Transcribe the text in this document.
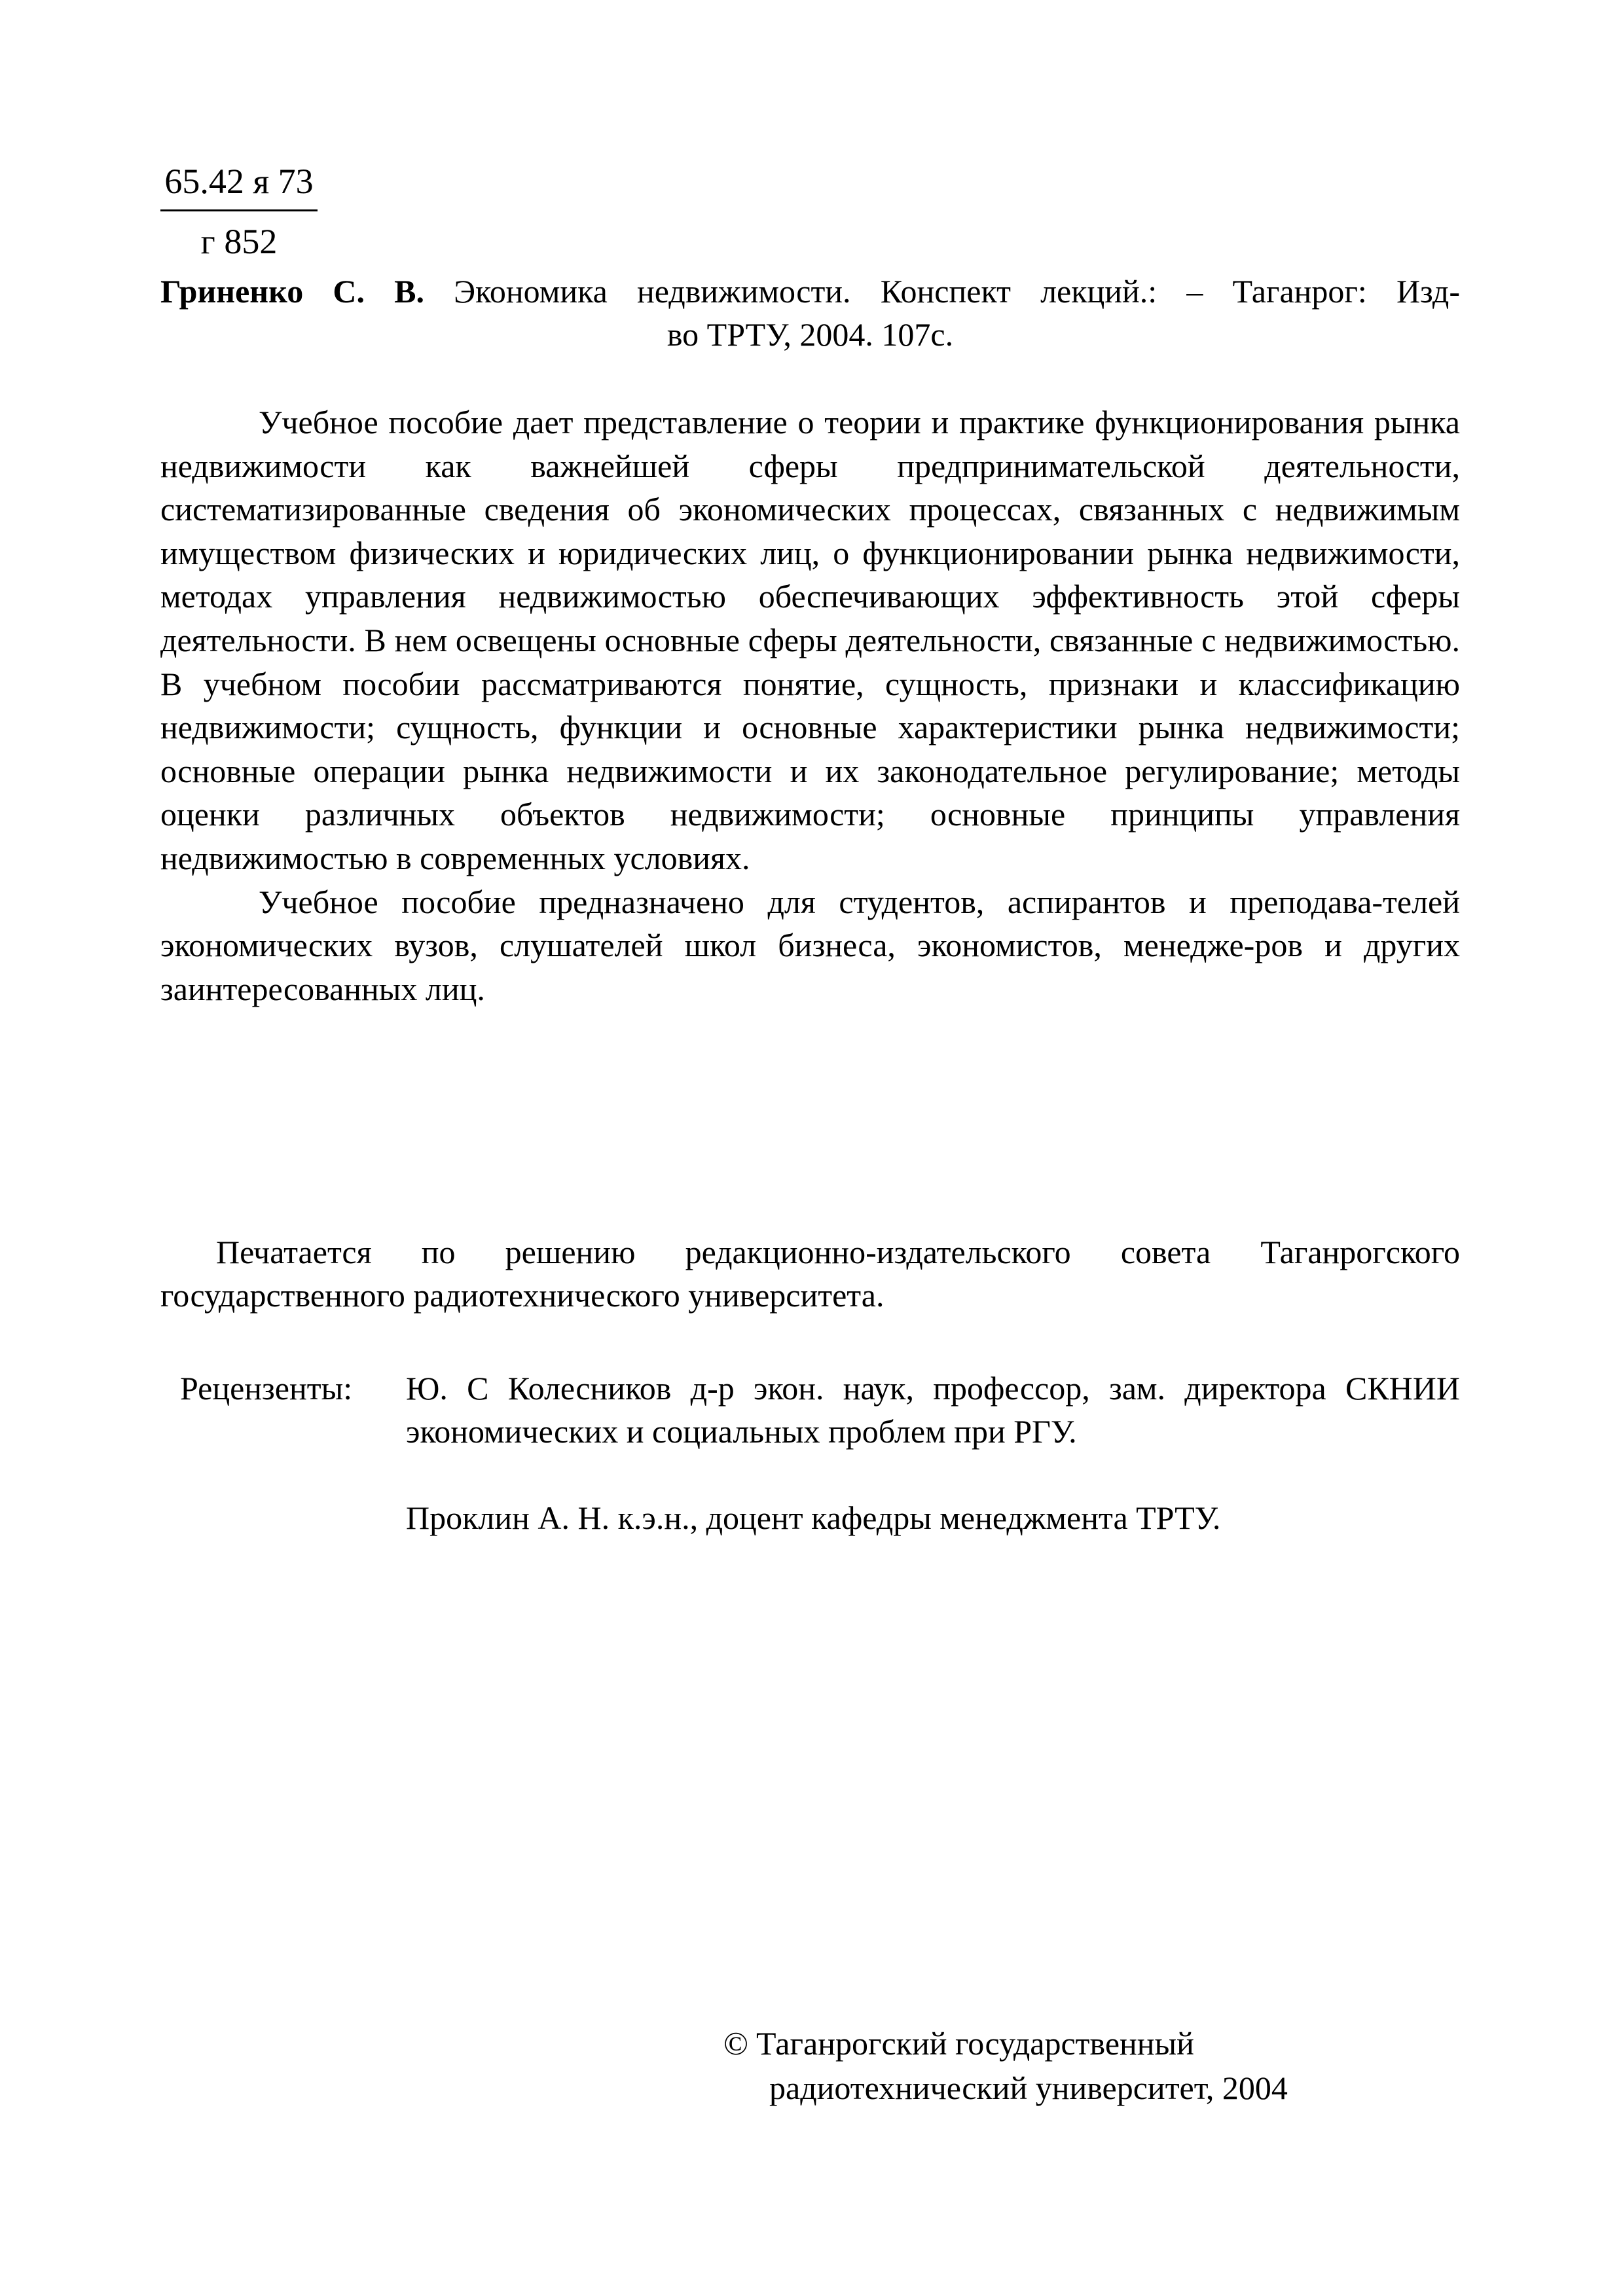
65.42 я 73
г 852
Гриненко С. В. Экономика недвижимости. Конспект лекций.: – Таганрог: Изд-
во ТРТУ, 2004. 107с.

Учебное пособие дает представление о теории и практике функционирования рынка недвижимости как важнейшей сферы предпринимательской деятельности, систематизированные сведения об экономических процессах, связанных с недвижимым имуществом физических и юридических лиц, о функционировании рынка недвижимости, методах управления недвижимостью обеспечивающих эффективность этой сферы деятельности. В нем освещены основные сферы деятельности, связанные с недвижимостью. В учебном пособии рассматриваются понятие, сущность, признаки и классификацию недвижимости; сущность, функции и основные характеристики рынка недвижимости; основные операции рынка недвижимости и их законодательное регулирование; методы оценки различных объектов недвижимости; основные принципы управления недвижимостью в современных условиях.

Учебное пособие предназначено для студентов, аспирантов и преподава-телей экономических вузов, слушателей школ бизнеса, экономистов, менедже-ров и других заинтересованных лиц.

Печатается по решению редакционно-издательского совета Таганрогского государственного радиотехнического университета.

Рецензенты:	Ю. С Колесников д-р экон. наук, профессор, зам. директора СКНИИ экономических и социальных проблем при РГУ.
Проклин А. Н. к.э.н., доцент кафедры менеджмента ТРТУ.
© Таганрогский государственный
радиотехнический университет, 2004
